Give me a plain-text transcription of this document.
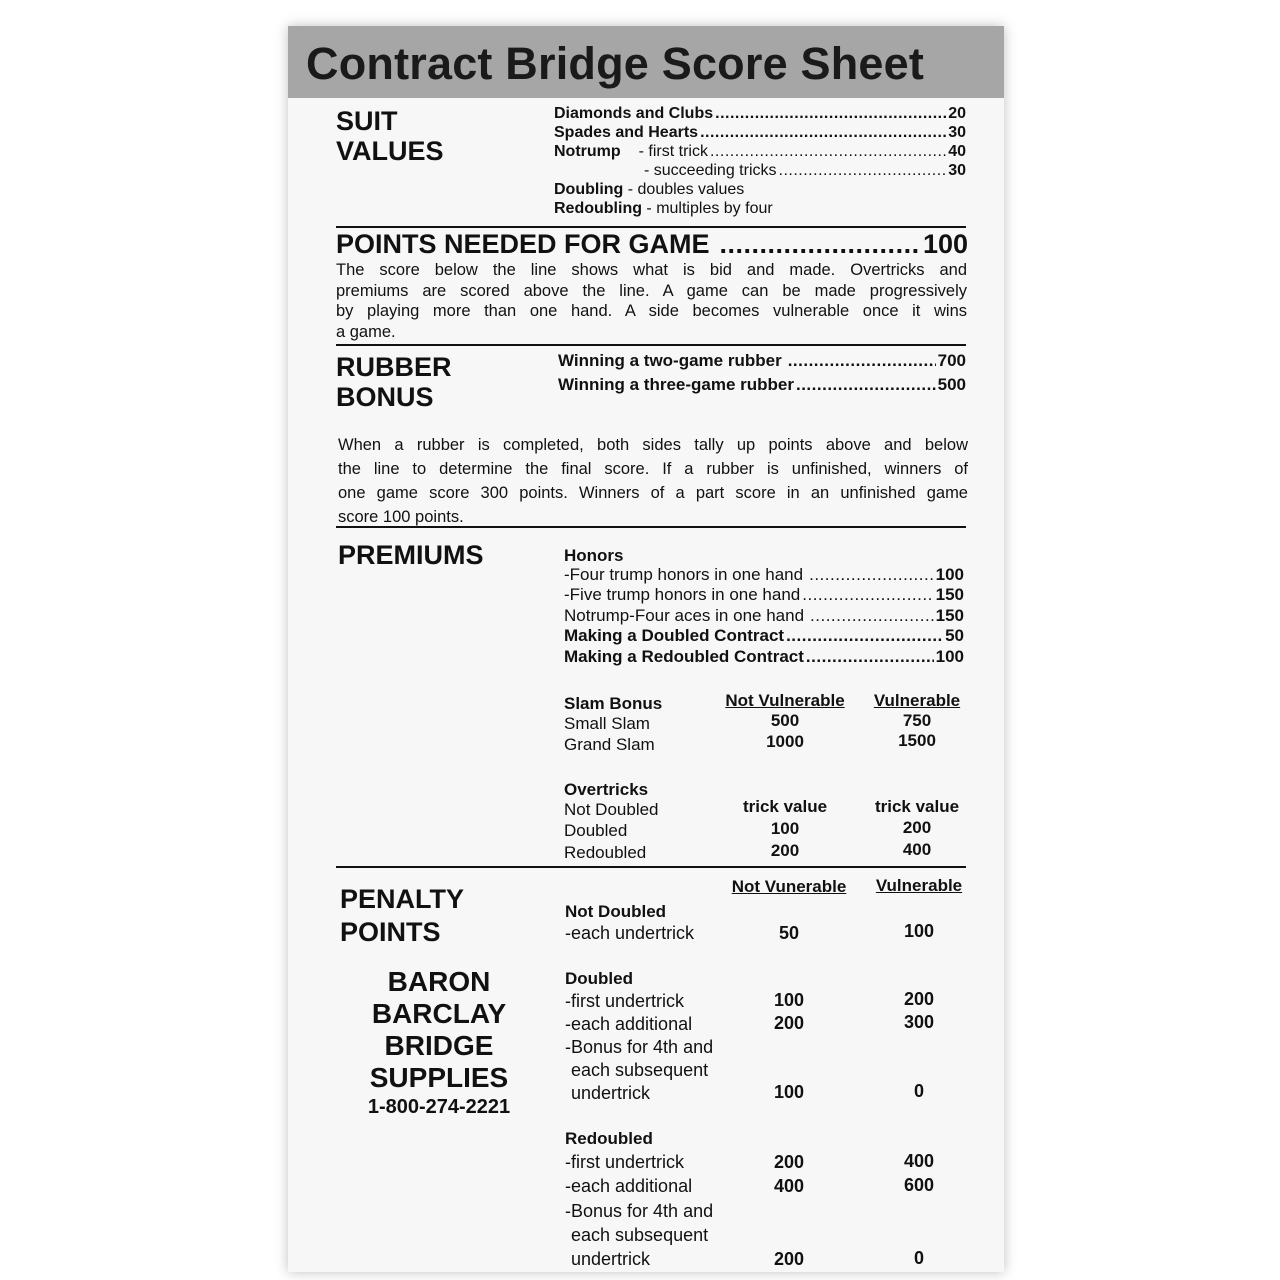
Contract Bridge Score Sheet
SUIT
VALUES
Diamonds and Clubs .....	20
Spades and Hearts .....	30
Notrump - first trick .....	40
- succeeding tricks .....	30
Doubling - doubles values
Redoubling - multiples by four
POINTS NEEDED FOR GAME .....	100
The score below the line shows what is bid and made. Overtricks and
premiums are scored above the line. A game can be made progressively
by playing more than one hand. A side becomes vulnerable once it wins
a game.
RUBBER
BONUS
Winning a two-game rubber .....	700
Winning a three-game rubber .....	500
When a rubber is completed, both sides tally up points above and below
the line to determine the final score. If a rubber is unfinished, winners of
one game score 300 points. Winners of a part score in an unfinished game
score 100 points.
PREMIUMS	Honors
-Four trump honors in one hand .....	100
-Five trump honors in one hand .....	150
Notrump-Four aces in one hand .....	150
Making a Doubled Contract .....	50
Making a Redoubled Contract .....	100
Slam Bonus	Not Vulnerable	Vulnerable
Small Slam	500	750
Grand Slam	1000	1500
Overtricks
Not Doubled	trick value	trick value
Doubled	100	200
Redoubled	200	400
PENALTY
POINTS
Not Vunerable	Vulnerable
Not Doubled
-each undertrick	50	100
Doubled
-first undertrick	100	200
-each additional	200	300
-Bonus for 4th and
each subsequent
undertrick	100	0
Redoubled
-first undertrick	200	400
-each additional	400	600
-Bonus for 4th and
each subsequent
undertrick	200	0
BARON
BARCLAY
BRIDGE
SUPPLIES
1-800-274-2221
